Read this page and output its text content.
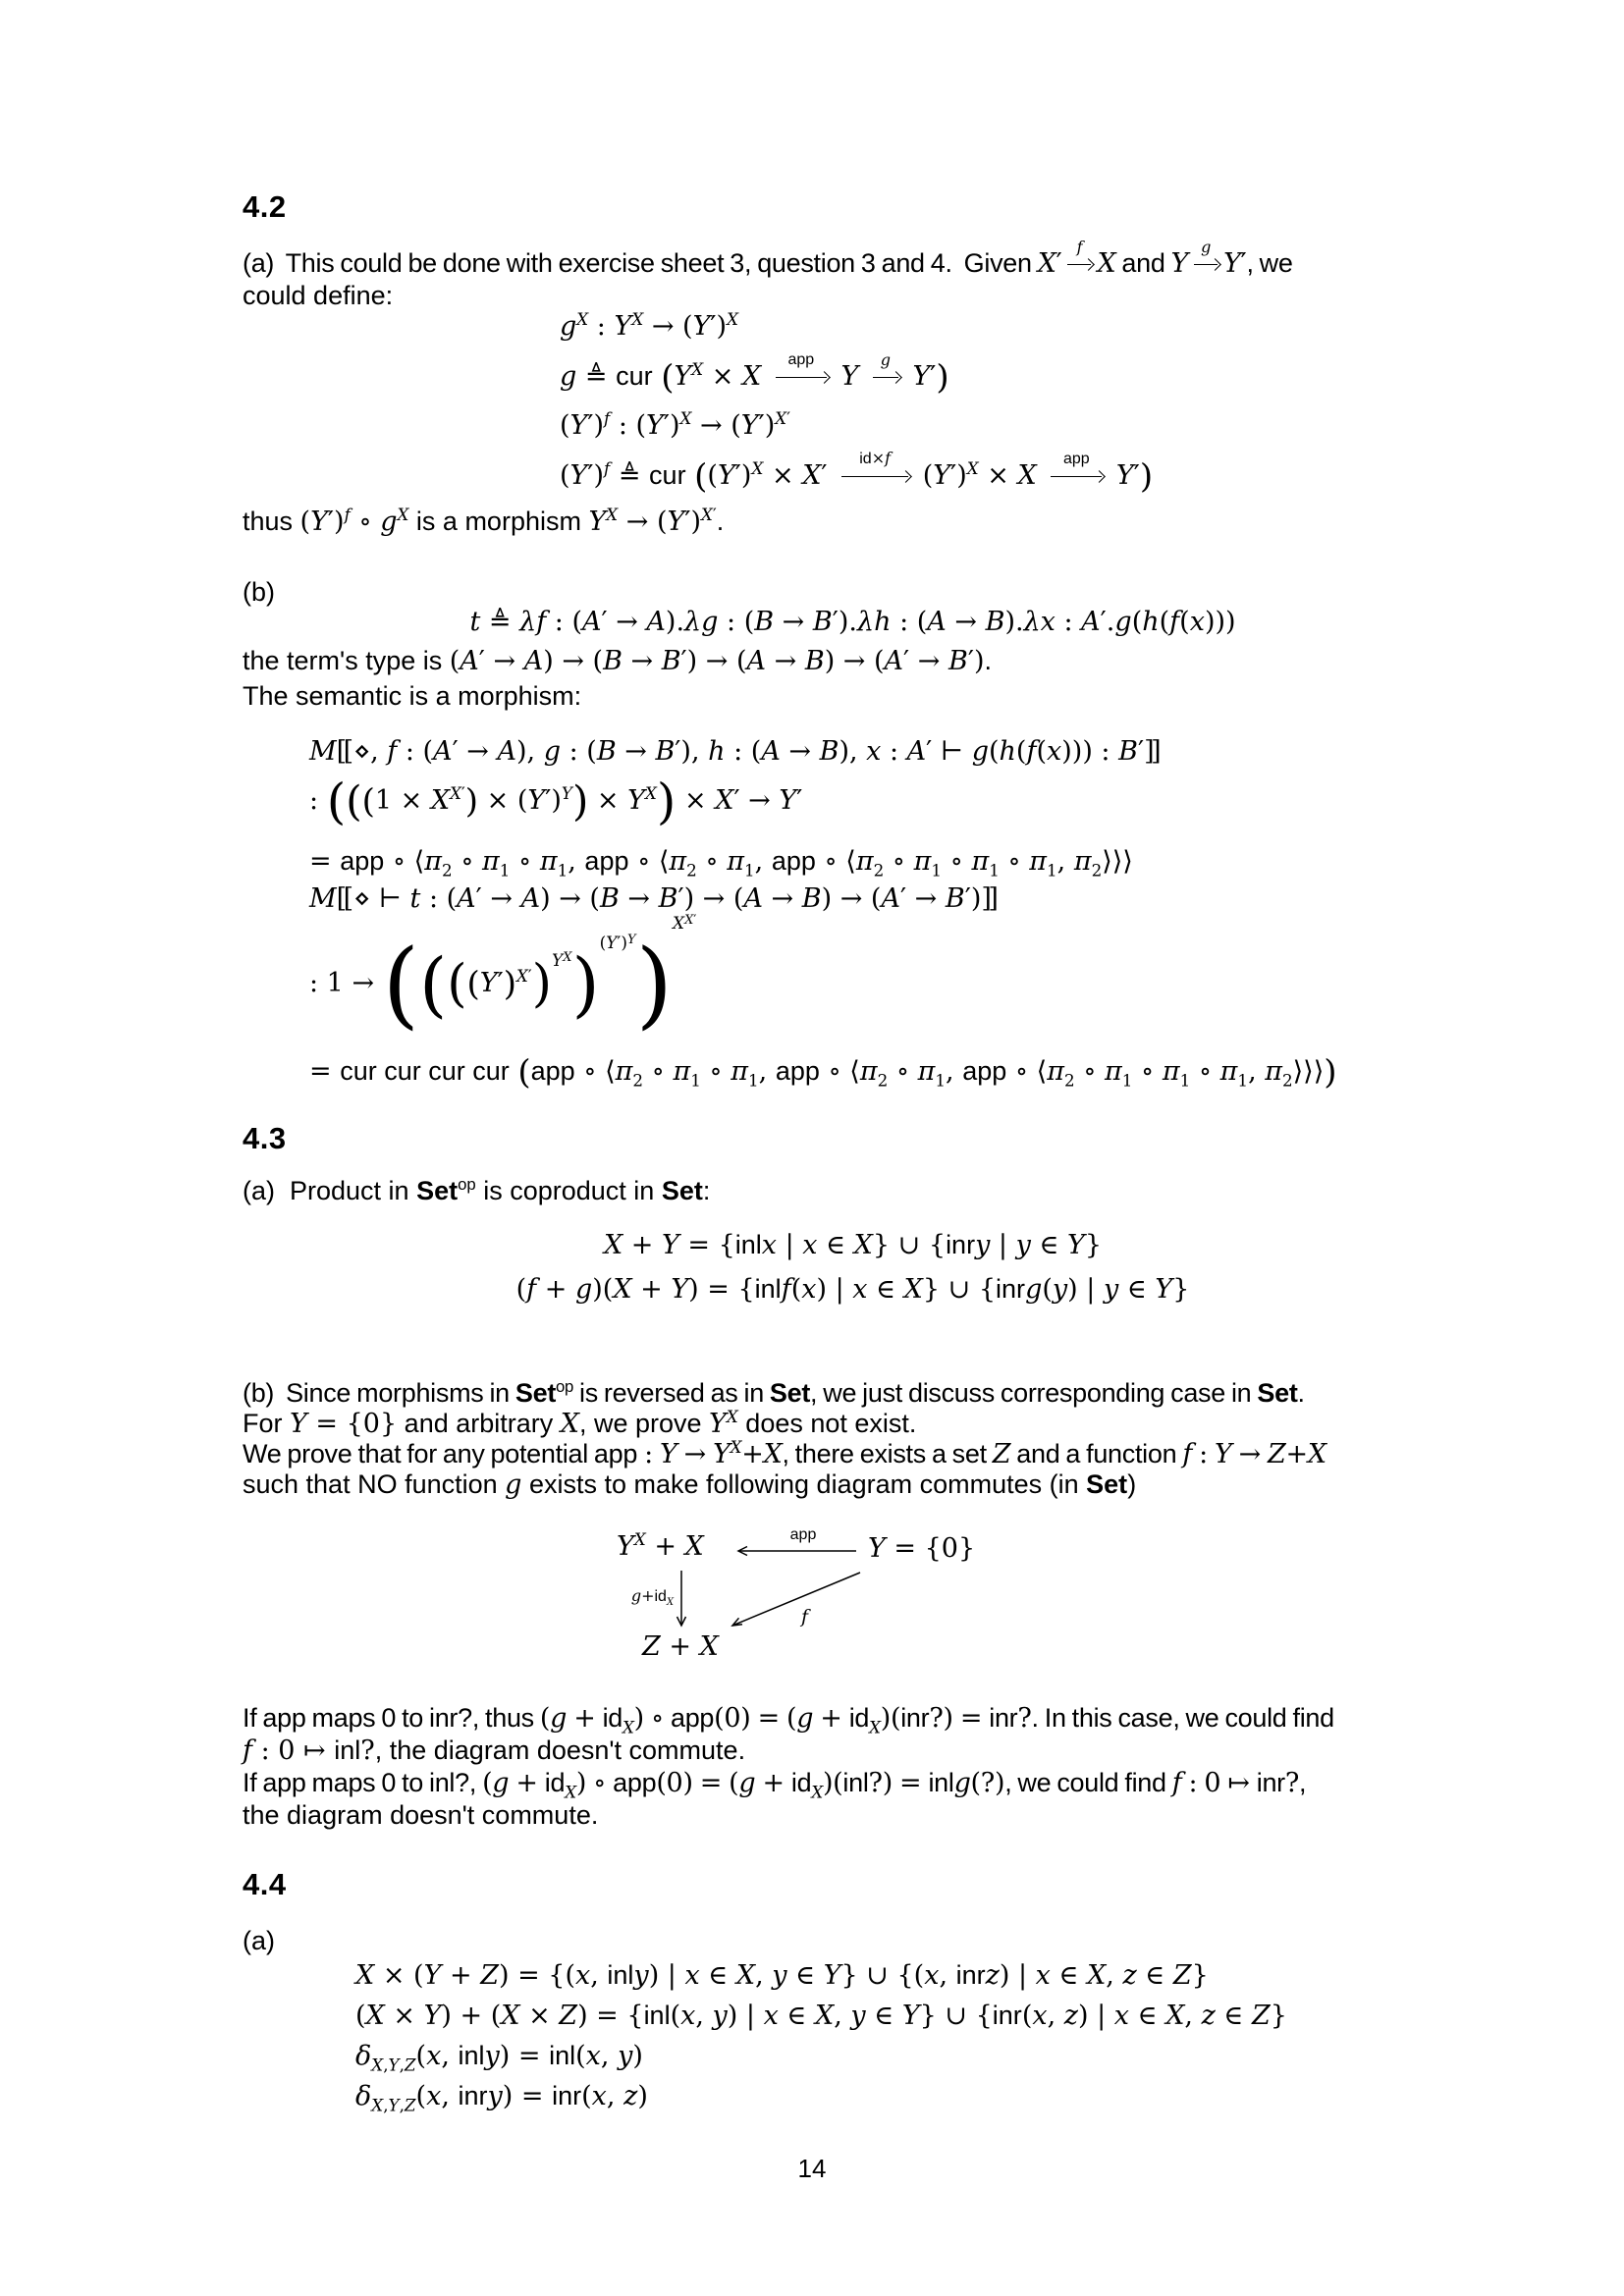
4.2
(a)  This could be done with exercise sheet 3, question 3 and 4.  Given X′
f
X and Y
g
Y′, we
could define:
$g^X$ : $Y^X \to (Y')^X$
g ≜ cur ($Y^X \times X$
app
Y
g
Y′)
$(Y')^f$ : $(Y')^X \to (Y')^{X'}$
$(Y')^f$ ≜ cur ($(Y')^X \times X'$
id×f
$(Y')^X \times X$
app
Y′)
thus $(Y')^f$ ∘ $g^X$ is a morphism $Y^X \to (Y')^{X'}$.
(b)
t ≜ λf : (A′ → A).λg : (B → B′).λh : (A → B).λx : A′.g(h(f(x)))
the term's type is (A′ → A) → (B → B′) → (A → B) → (A′ → B′).
The semantic is a morphism:
M[[ ⋄, f : (A′ → A), g : (B → B′), h : (A → B), x : A′ ⊢ g(h(f(x))) : B′]]
: $(((1 \times X^{X'}) \times (Y')^Y) \times Y^X) \times X' \to Y'$
= app ∘ $⟨\pi_2$ ∘ $\pi_1$ ∘ $\pi_1$, app ∘ $⟨\pi_2$ ∘ $\pi_1$, app ∘ $⟨\pi_2$ ∘ $\pi_1$ ∘ $\pi_1$ ∘ $\pi_1$, $\pi_2⟩⟩⟩$
M[[ ⋄ ⊢ t : (A′ → A) → (B → B′) → (A → B) → (A′ → B′)]]
: $1 \to ((((Y')^{X'})^{Y^X})^{(Y')^Y})^{X^{X'}}$
= cur cur cur cur (app ∘ $⟨\pi_2$ ∘ $\pi_1$ ∘ $\pi_1$, app ∘ $⟨\pi_2$ ∘ $\pi_1$, app ∘ $⟨\pi_2$ ∘ $\pi_1$ ∘ $\pi_1$ ∘ $\pi_1$, $\pi_2⟩⟩⟩$)
4.3
(a)  Product in Set$^{op}$ is coproduct in Set:
X + Y = {inlx | x ∈ X} ∪ {inry | y ∈ Y}
(f + g)(X + Y) = {inlf(x) | x ∈ X} ∪ {inrg(y) | y ∈ Y}
(b)  Since morphisms in Set$^{op}$ is reversed as in Set, we just discuss corresponding case in Set.
For Y = {0} and arbitrary X, we prove $Y^X$ does not exist.
We prove that for any potential app : $Y \to Y^X+X$, there exists a set Z and a function f : Y → Z+X
such that NO function g exists to make following diagram commutes (in Set)
$Y^X + X$	Y = {0}
Z + X
app
$g+id_X$
f
If app maps 0 to inr?, thus $(g + id_X)$ ∘ $app(0) = (g + id_X)(inr?)$ = inr?. In this case, we could find
f : 0 ↦ inl?, the diagram doesn't commute.
If app maps 0 to inl?, $(g + id_X)$ ∘ $app(0) = (g + id_X)(inl?)$ = inlg(?), we could find f : 0 ↦ inr?,
the diagram doesn't commute.
4.4
(a)
X × (Y + Z) = {(x, inly) | x ∈ X, y ∈ Y} ∪ {(x, inrz) | x ∈ X, z ∈ Z}
(X × Y) + (X × Z) = {inl(x, y) | x ∈ X, y ∈ Y} ∪ {inr(x, z) | x ∈ X, z ∈ Z}
$\delta_{X,Y,Z}(x$, inly) = inl(x, y)
$\delta_{X,Y,Z}(x$, inry) = inr(x, z)
14
